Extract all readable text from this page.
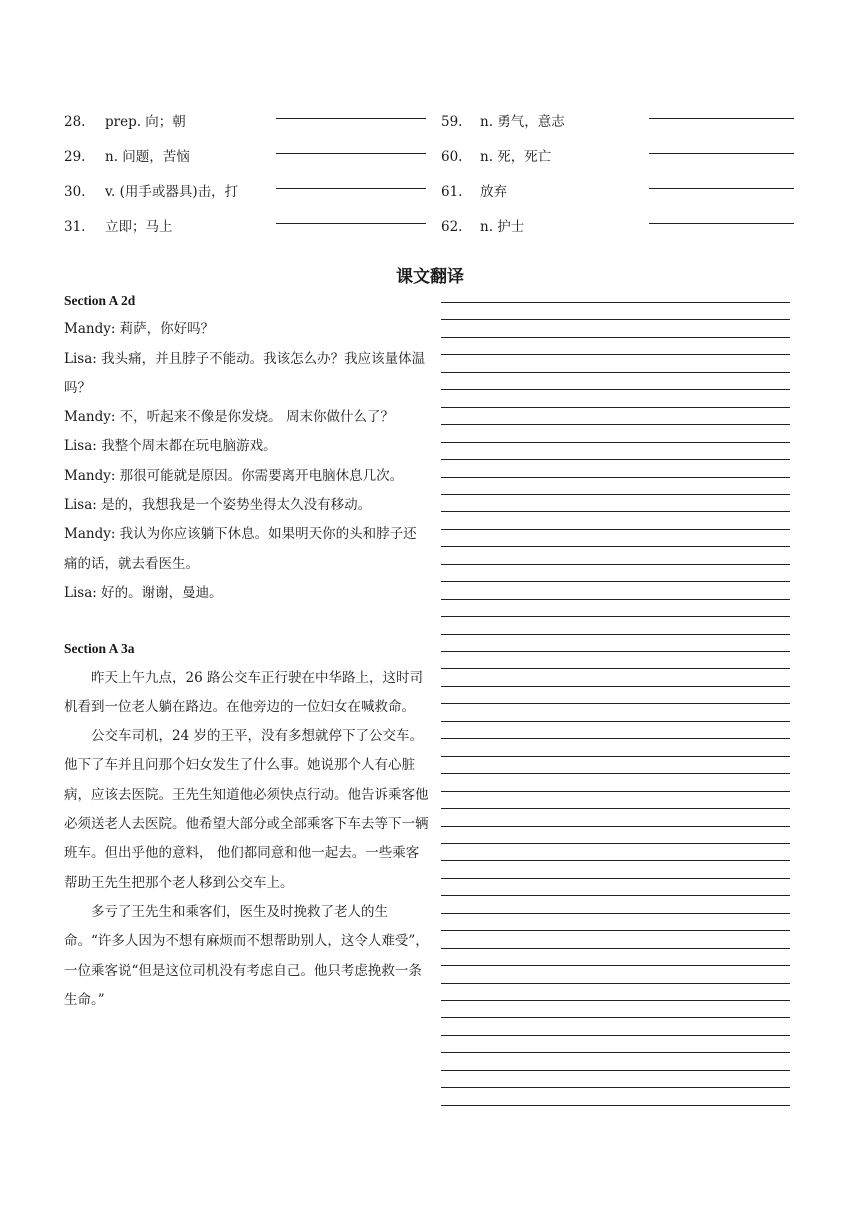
28. prep. 向；朝
29. n. 问题，苦恼
30. v. (用手或器具)击，打
31. 立即；马上
59. n. 勇气，意志
60. n. 死，死亡
61. 放弃
62. n. 护士
课文翻译
Section A 2d
Mandy: 莉萨，你好吗？
Lisa: 我头痛，并且脖子不能动。我该怎么办？我应该量体温吗？
Mandy: 不，听起来不像是你发烧。 周末你做什么了？
Lisa: 我整个周末都在玩电脑游戏。
Mandy: 那很可能就是原因。你需要离开电脑休息几次。
Lisa: 是的，我想我是一个姿势坐得太久没有移动。
Mandy: 我认为你应该躺下休息。如果明天你的头和脖子还痛的话，就去看医生。
Lisa: 好的。谢谢，曼迪。
Section A 3a
昨天上午九点，26 路公交车正行驶在中华路上，这时司机看到一位老人躺在路边。在他旁边的一位妇女在喊救命。
公交车司机，24 岁的王平，没有多想就停下了公交车。他下了车并且问那个妇女发生了什么事。她说那个人有心脏病，应该去医院。王先生知道他必须快点行动。他告诉乘客他必须送老人去医院。他希望大部分或全部乘客下车去等下一辆班车。但出乎他的意料， 他们都同意和他一起去。一些乘客帮助王先生把那个老人移到公交车上。
多亏了王先生和乘客们，医生及时挽救了老人的生命。“许多人因为不想有麻烦而不想帮助别人，这令人难受”，一位乘客说“但是这位司机没有考虑自己。他只考虑挽救一条生命。”
